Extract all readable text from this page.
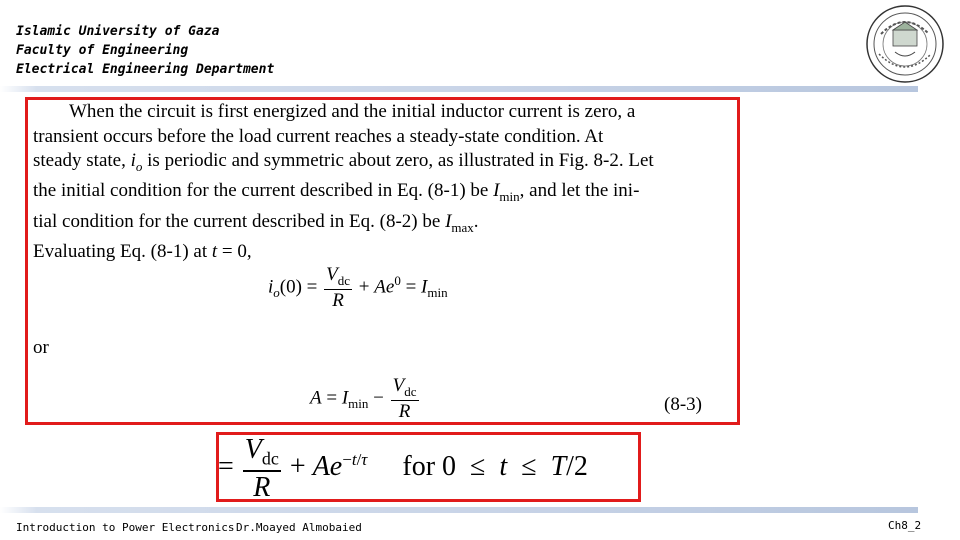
Islamic University of Gaza
Faculty of Engineering
Electrical Engineering Department
When the circuit is first energized and the initial inductor current is zero, a
transient occurs before the load current reaches a steady-state condition. At
steady state, $i_o$ is periodic and symmetric about zero, as illustrated in Fig. 8-2. Let
the initial condition for the current described in Eq. (8-1) be $I_{min}$, and let the ini-
tial condition for the current described in Eq. (8-2) be $I_{max}$.
Evaluating Eq. (8-1) at t = 0,
$i_o(0) = \frac{V_{dc}}{R} + Ae^0 = I_{min}$
or
$A = I_{min} - \frac{V_{dc}}{R}$	(8-3)
= $\frac{V_{dc}}{R} + Ae^{-t/\tau}$     for 0  ≤  t  ≤  T/2
Introduction to Power Electronics Dr.Moayed Almobaied	Ch8_2
